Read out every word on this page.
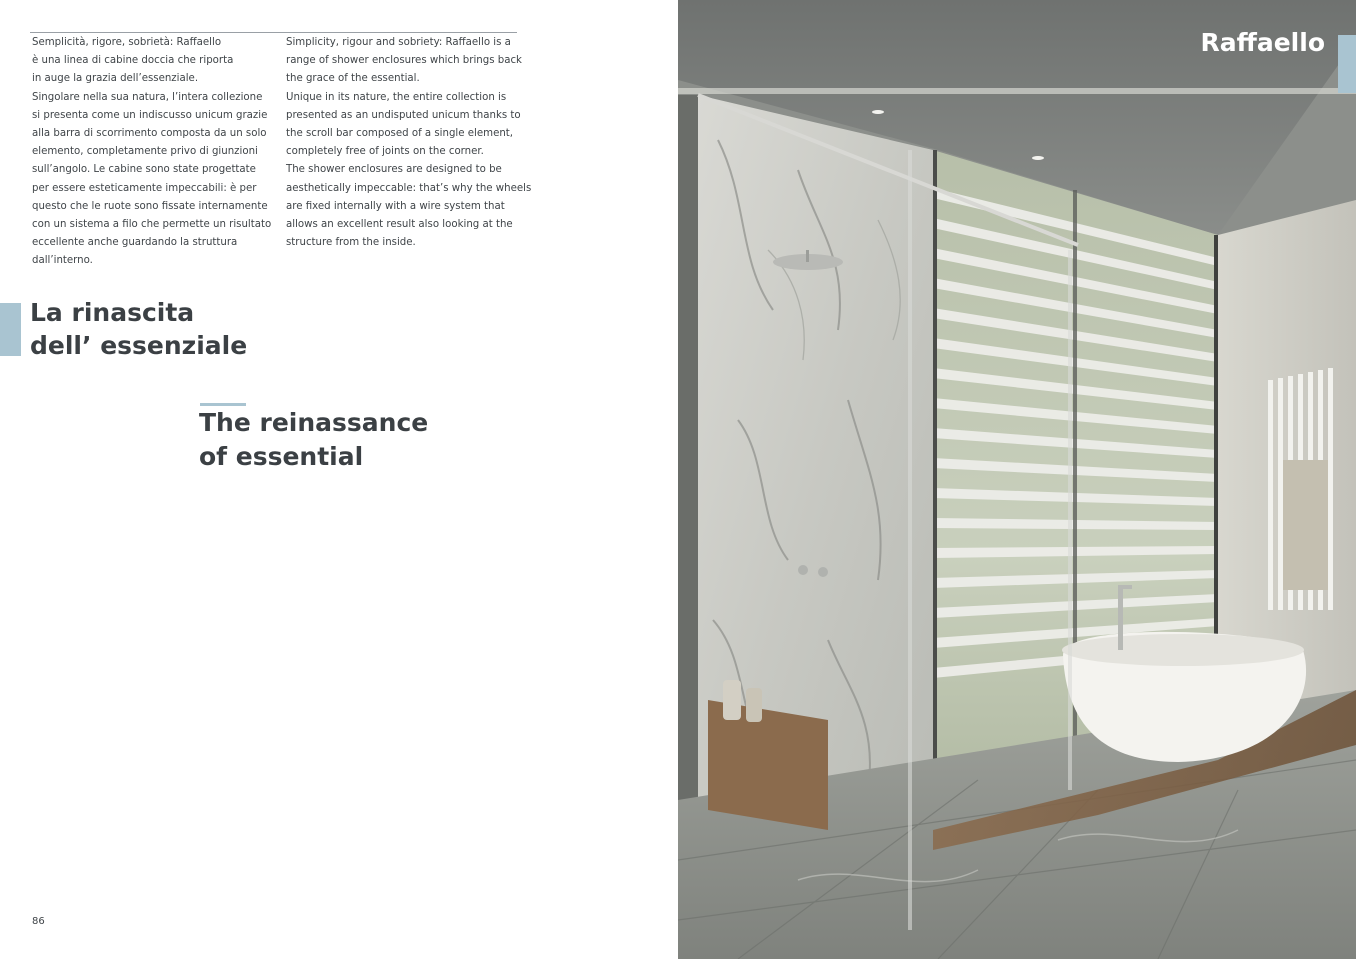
Semplicità, rigore, sobrietà: Raffaello

è una linea di cabine doccia che riporta

in auge la grazia dell’essenziale.

Singolare nella sua natura, l’intera collezione

si presenta come un indiscusso unicum grazie

alla barra di scorrimento composta da un solo

elemento, completamente privo di giunzioni

sull’angolo. Le cabine sono state progettate

per essere esteticamente impeccabili: è per

questo che le ruote sono fissate internamente

con un sistema a filo che permette un risultato

eccellente anche guardando la struttura

dall’interno.

Simplicity, rigour and sobriety: Raffaello is a

range of shower enclosures which brings back

the grace of the essential.

Unique in its nature, the entire collection is

presented as an undisputed unicum thanks to

the scroll bar composed of a single element,

completely free of joints on the corner.

The shower enclosures are designed to be

aesthetically impeccable: that’s why the wheels

are fixed internally with a wire system that

allows an excellent result also looking at the

structure from the inside.

La rinascita
dell’ essenziale
The reinassance
of essential
86
Raffaello
